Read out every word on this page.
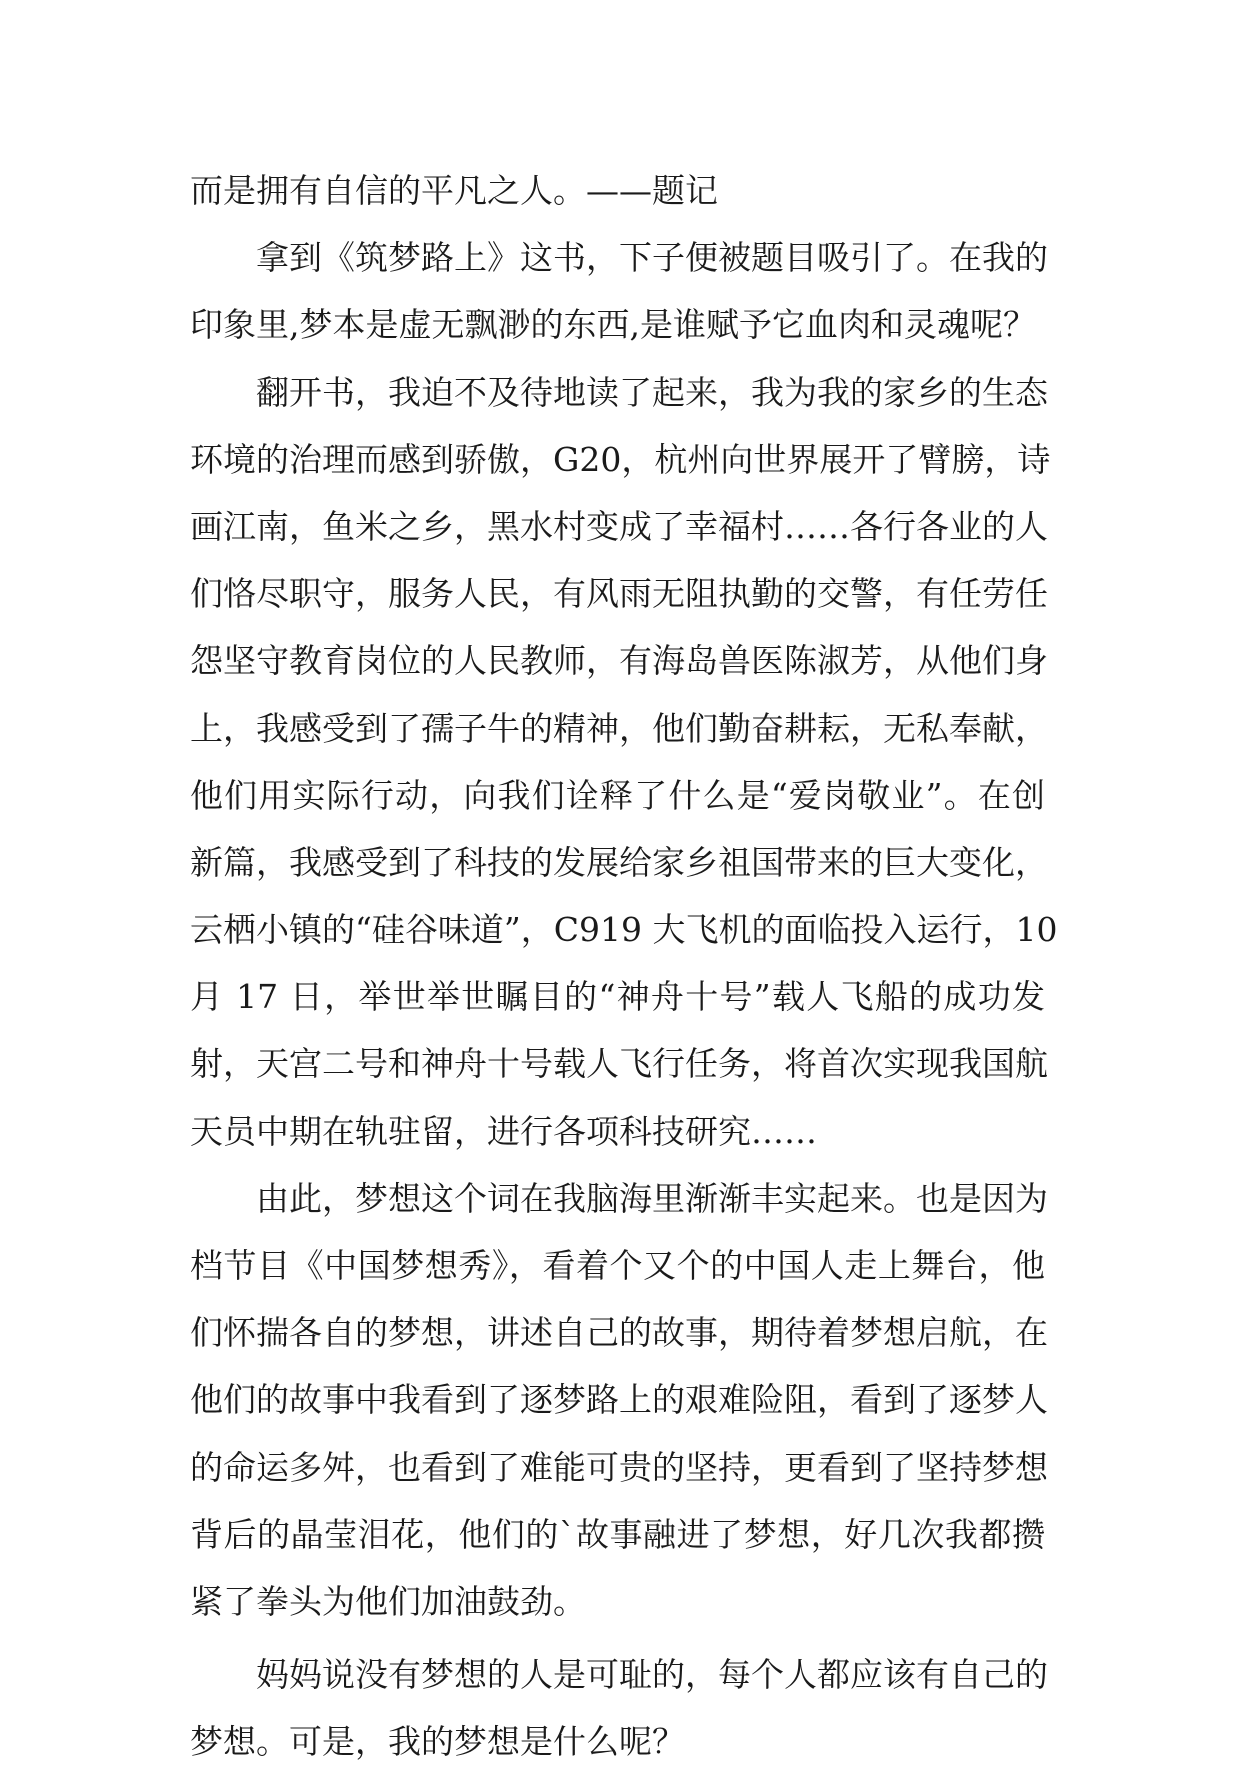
而是拥有自信的平凡之人。——题记
拿到《筑梦路上》这书，下子便被题目吸引了。在我的
印象里,梦本是虚无飘渺的东西,是谁赋予它血肉和灵魂呢？
翻开书，我迫不及待地读了起来，我为我的家乡的生态
环境的治理而感到骄傲，G20，杭州向世界展开了臂膀，诗
画江南，鱼米之乡，黑水村变成了幸福村……各行各业的人
们恪尽职守，服务人民，有风雨无阻执勤的交警，有任劳任
怨坚守教育岗位的人民教师，有海岛兽医陈淑芳，从他们身
上，我感受到了孺子牛的精神，他们勤奋耕耘，无私奉献，
他们用实际行动，向我们诠释了什么是“爱岗敬业”。在创
新篇，我感受到了科技的发展给家乡祖国带来的巨大变化，
云栖小镇的“硅谷味道”，C919 大飞机的面临投入运行，10
月 17 日，举世举世瞩目的“神舟十号”载人飞船的成功发
射，天宫二号和神舟十号载人飞行任务，将首次实现我国航
天员中期在轨驻留，进行各项科技研究……
由此，梦想这个词在我脑海里渐渐丰实起来。也是因为
档节目《中国梦想秀》，看着个又个的中国人走上舞台，他
们怀揣各自的梦想，讲述自己的故事，期待着梦想启航，在
他们的故事中我看到了逐梦路上的艰难险阻，看到了逐梦人
的命运多舛，也看到了难能可贵的坚持，更看到了坚持梦想
背后的晶莹泪花，他们的`故事融进了梦想，好几次我都攒
紧了拳头为他们加油鼓劲。
妈妈说没有梦想的人是可耻的，每个人都应该有自己的
梦想。可是，我的梦想是什么呢？
